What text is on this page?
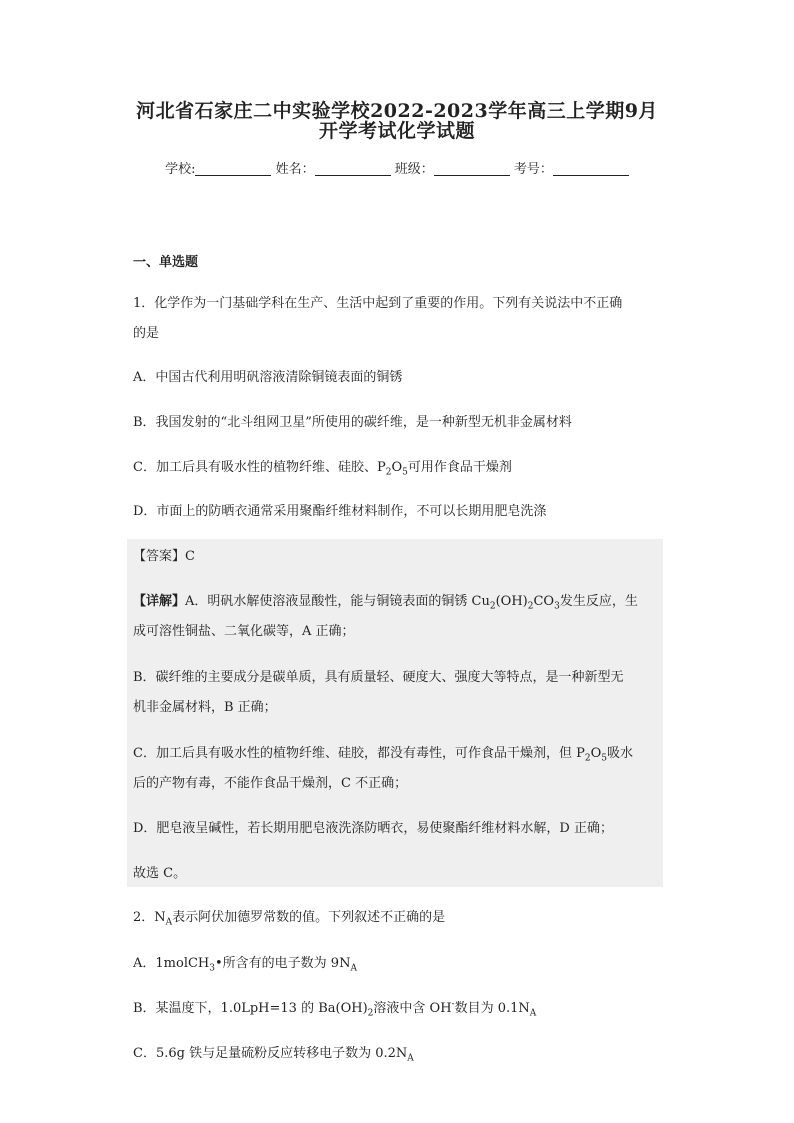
河北省石家庄二中实验学校2022-2023学年高三上学期9月
开学考试化学试题
学校:	姓名：	班级：	考号：
一、单选题
1．化学作为一门基础学科在生产、生活中起到了重要的作用。下列有关说法中不正确
的是
A．中国古代利用明矾溶液清除铜镜表面的铜锈
B．我国发射的“北斗组网卫星”所使用的碳纤维，是一种新型无机非金属材料
C．加工后具有吸水性的植物纤维、硅胶、$P_2O_5$可用作食品干燥剂
D．市面上的防晒衣通常采用聚酯纤维材料制作，不可以长期用肥皂洗涤
【答案】C
【详解】A．明矾水解使溶液显酸性，能与铜镜表面的铜锈 $Cu_2(OH)_2CO_3$发生反应，生
成可溶性铜盐、二氧化碳等，A 正确；
B．碳纤维的主要成分是碳单质，具有质量轻、硬度大、强度大等特点，是一种新型无
机非金属材料，B 正确；
C．加工后具有吸水性的植物纤维、硅胶，都没有毒性，可作食品干燥剂，但 $P_2O_5$吸水
后的产物有毒，不能作食品干燥剂，C 不正确；
D．肥皂液呈碱性，若长期用肥皂液洗涤防晒衣，易使聚酯纤维材料水解，D 正确；
故选 C。
2．$N_A$表示阿伏加德罗常数的值。下列叙述不正确的是
A．1molCH$_3$•所含有的电子数为 $9N_A$
B．某温度下，1.0LpH=13 的 $Ba(OH)_2$溶液中含 OH-数目为 $0.1N_A$
C．5.6g 铁与足量硫粉反应转移电子数为 $0.2N_A$
